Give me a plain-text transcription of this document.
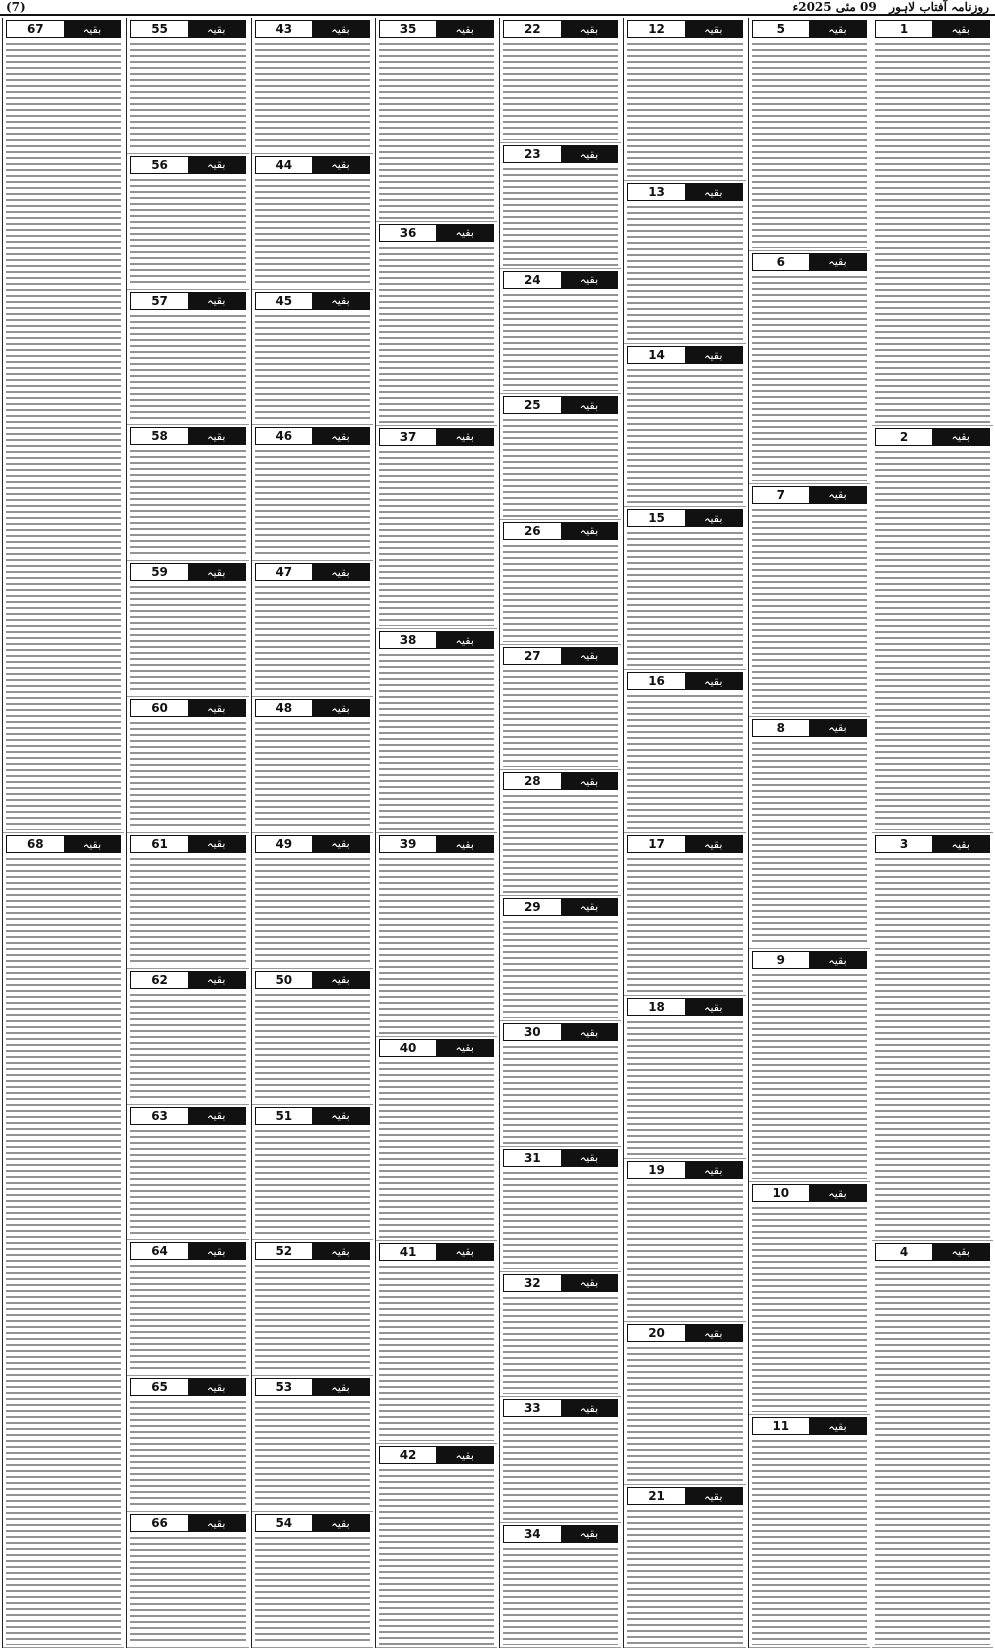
(7)	روزنامہ آفتاب لاہور   09 مئی 2025ء
1	بقیہ
2	بقیہ
3	بقیہ
4	بقیہ
5	بقیہ
6	بقیہ
7	بقیہ
8	بقیہ
9	بقیہ
10	بقیہ
11	بقیہ
12	بقیہ
13	بقیہ
14	بقیہ
15	بقیہ
16	بقیہ
17	بقیہ
18	بقیہ
19	بقیہ
20	بقیہ
21	بقیہ
22	بقیہ
23	بقیہ
24	بقیہ
25	بقیہ
26	بقیہ
27	بقیہ
28	بقیہ
29	بقیہ
30	بقیہ
31	بقیہ
32	بقیہ
33	بقیہ
34	بقیہ
35	بقیہ
36	بقیہ
37	بقیہ
38	بقیہ
39	بقیہ
40	بقیہ
41	بقیہ
42	بقیہ
43	بقیہ
44	بقیہ
45	بقیہ
46	بقیہ
47	بقیہ
48	بقیہ
49	بقیہ
50	بقیہ
51	بقیہ
52	بقیہ
53	بقیہ
54	بقیہ
55	بقیہ
56	بقیہ
57	بقیہ
58	بقیہ
59	بقیہ
60	بقیہ
61	بقیہ
62	بقیہ
63	بقیہ
64	بقیہ
65	بقیہ
66	بقیہ
67	بقیہ
68	بقیہ
